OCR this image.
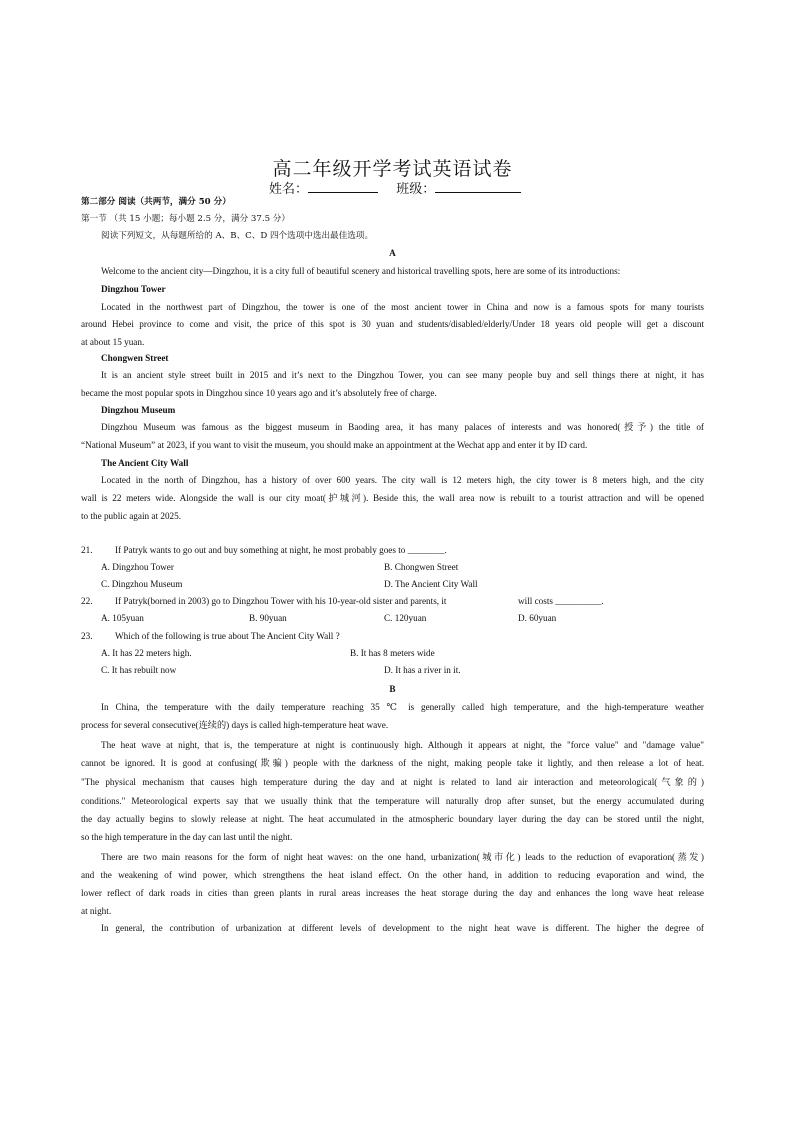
高二年级开学考试英语试卷
姓名：	班级：
第二部分 阅读（共两节，满分 50 分）
第一节 （共 15 小题；每小题 2.5 分，满分 37.5 分）
阅读下列短文，从每题所给的 A、B、C、D 四个选项中选出最佳选项。
A
Welcome to the ancient city—Dingzhou, it is a city full of beautiful scenery and historical travelling spots, here are some of its introductions:
Dingzhou Tower
Located in the northwest part of Dingzhou, the tower is one of the most ancient tower in China and now is a famous spots for many tourists
around Hebei province to come and visit, the price of this spot is 30 yuan and students/disabled/elderly/Under 18 years old people will get a discount
at about 15 yuan.
Chongwen Street
It is an ancient style street built in 2015 and it’s next to the Dingzhou Tower, you can see many people buy and sell things there at night, it has
became the most popular spots in Dingzhou since 10 years ago and it’s absolutely free of charge.
Dingzhou Museum
Dingzhou Museum was famous as the biggest museum in Baoding area, it has many palaces of interests and was honored(授予) the title of
“National Museum” at 2023, if you want to visit the museum, you should make an appointment at the Wechat app and enter it by ID card.
The Ancient City Wall
Located in the north of Dingzhou, has a history of over 600 years. The city wall is 12 meters high, the city tower is 8 meters high, and the city
wall is 22 meters wide. Alongside the wall is our city moat(护城河). Beside this, the wall area now is rebuilt to a tourist attraction and will be opened
to the public again at 2025.
21. If Patryk wants to go out and buy something at night, he most probably goes to ________.
A. Dingzhou Tower	B. Chongwen Street
C. Dingzhou Museum	D. The Ancient City Wall
22. If Patryk(borned in 2003) go to Dingzhou Tower with his 10-year-old sister and parents, it	will costs __________.
A. 105yuan	B. 90yuan	C. 120yuan	D. 60yuan
23. Which of the following is true about The Ancient City Wall ?
A. It has 22 meters high.	B. It has 8 meters wide
C. It has rebuilt now	D. It has a river in it.
B
In China, the temperature with the daily temperature reaching 35 ℃ is generally called high temperature, and the high-temperature weather
process for several consecutive(连续的) days is called high-temperature heat wave.
The heat wave at night, that is, the temperature at night is continuously high. Although it appears at night, the "force value" and "damage value"
cannot be ignored. It is good at confusing(欺骗) people with the darkness of the night, making people take it lightly, and then release a lot of heat.
"The physical mechanism that causes high temperature during the day and at night is related to land air interaction and meteorological(气象的)
conditions." Meteorological experts say that we usually think that the temperature will naturally drop after sunset, but the energy accumulated during
the day actually begins to slowly release at night. The heat accumulated in the atmospheric boundary layer during the day can be stored until the night,
so the high temperature in the day can last until the night.
There are two main reasons for the form of night heat waves: on the one hand, urbanization(城市化) leads to the reduction of evaporation(蒸发)
and the weakening of wind power, which strengthens the heat island effect. On the other hand, in addition to reducing evaporation and wind, the
lower reflect of dark roads in cities than green plants in rural areas increases the heat storage during the day and enhances the long wave heat release
at night.
In general, the contribution of urbanization at different levels of development to the night heat wave is different. The higher the degree of
